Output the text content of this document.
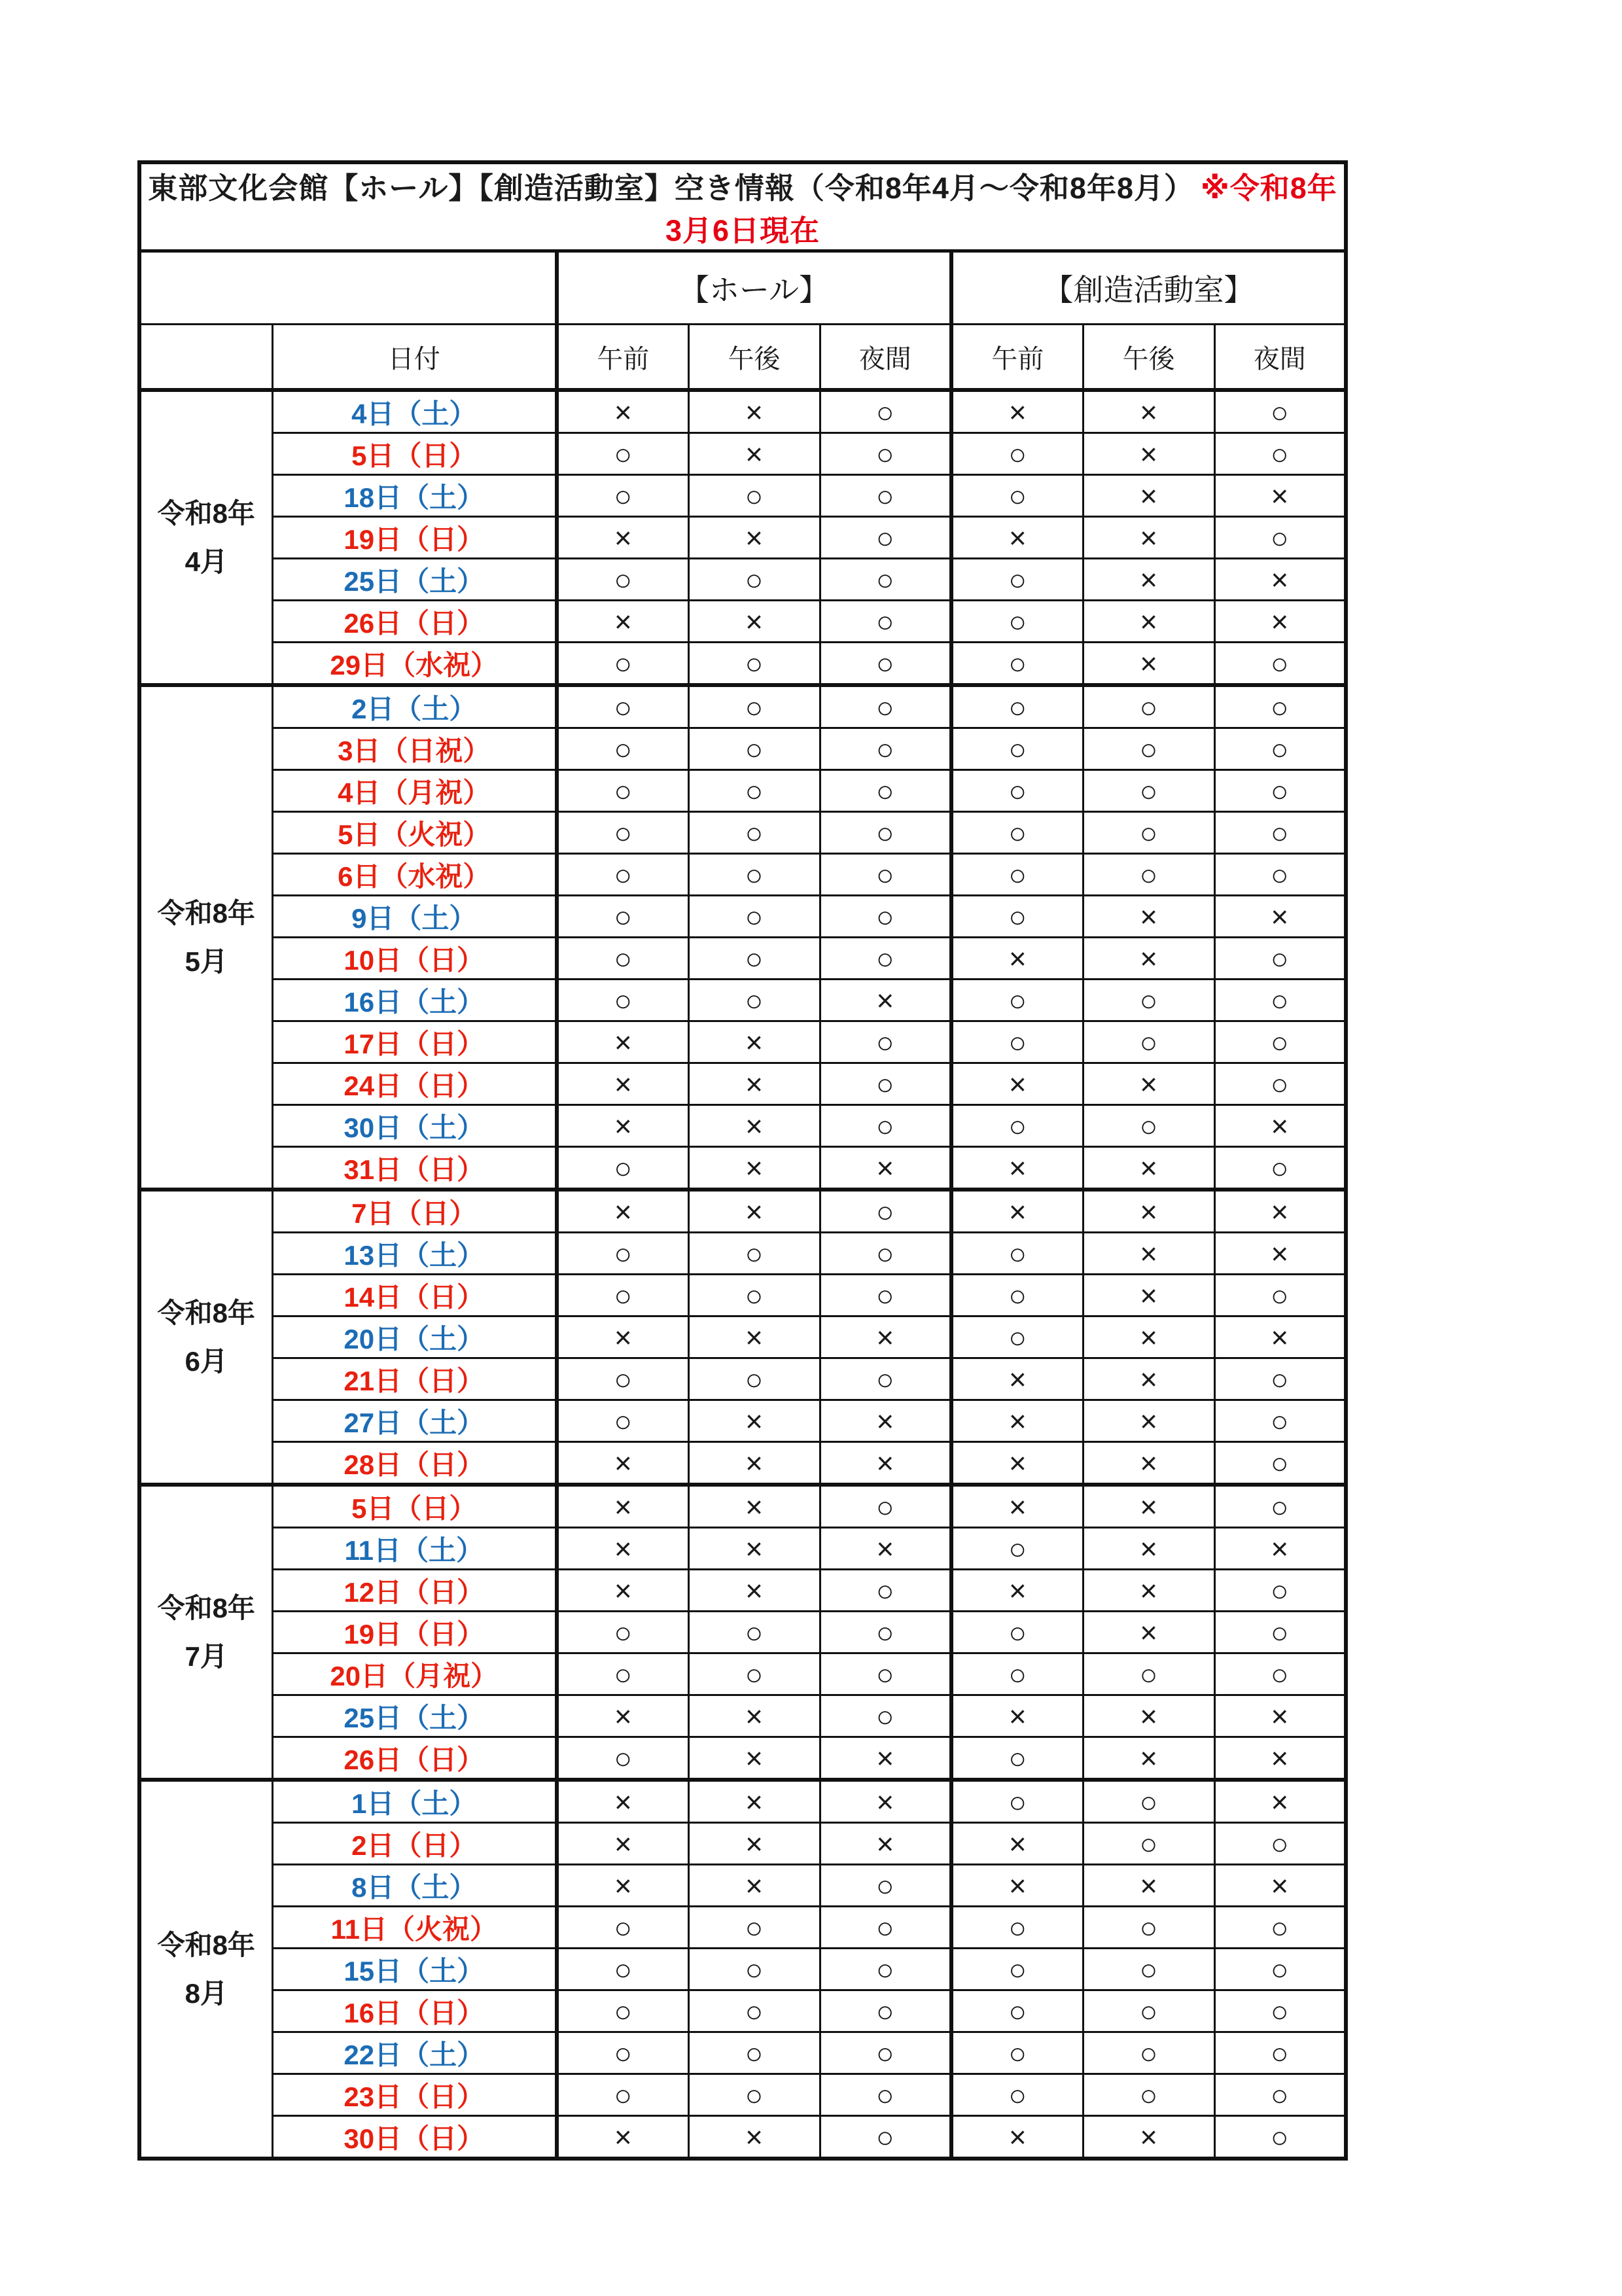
東部文化会館【ホール】【創造活動室】空き情報（令和8年4月～令和8年8月） ※令和8年3月6日現在							
		【ホール】			【創造活動室】		
	日付	午前	午後	夜間	午前	午後	夜間

令和8年
4月	4日（土）	×	×	○	×	×	○
	5日（日）	○	×	○	○	×	○
	18日（土）	○	○	○	○	×	×
	19日（日）	×	×	○	×	×	○
	25日（土）	○	○	○	○	×	×
	26日（日）	×	×	○	○	×	×
	29日（水祝）	○	○	○	○	×	○

令和8年
5月	2日（土）	○	○	○	○	○	○
	3日（日祝）	○	○	○	○	○	○
	4日（月祝）	○	○	○	○	○	○
	5日（火祝）	○	○	○	○	○	○
	6日（水祝）	○	○	○	○	○	○
	9日（土）	○	○	○	○	×	×
	10日（日）	○	○	○	×	×	○
	16日（土）	○	○	×	○	○	○
	17日（日）	×	×	○	○	○	○
	24日（日）	×	×	○	×	×	○
	30日（土）	×	×	○	○	○	×
	31日（日）	○	×	×	×	×	○

令和8年
6月	7日（日）	×	×	○	×	×	×
	13日（土）	○	○	○	○	×	×
	14日（日）	○	○	○	○	×	○
	20日（土）	×	×	×	○	×	×
	21日（日）	○	○	○	×	×	○
	27日（土）	○	×	×	×	×	○
	28日（日）	×	×	×	×	×	○

令和8年
7月	5日（日）	×	×	○	×	×	○
	11日（土）	×	×	×	○	×	×
	12日（日）	×	×	○	×	×	○
	19日（日）	○	○	○	○	×	○
	20日（月祝）	○	○	○	○	○	○
	25日（土）	×	×	○	×	×	×
	26日（日）	○	×	×	○	×	×

令和8年
8月	1日（土）	×	×	×	○	○	×
	2日（日）	×	×	×	×	○	○
	8日（土）	×	×	○	×	×	×
	11日（火祝）	○	○	○	○	○	○
	15日（土）	○	○	○	○	○	○
	16日（日）	○	○	○	○	○	○
	22日（土）	○	○	○	○	○	○
	23日（日）	○	○	○	○	○	○
	30日（日）	×	×	○	×	×	○
